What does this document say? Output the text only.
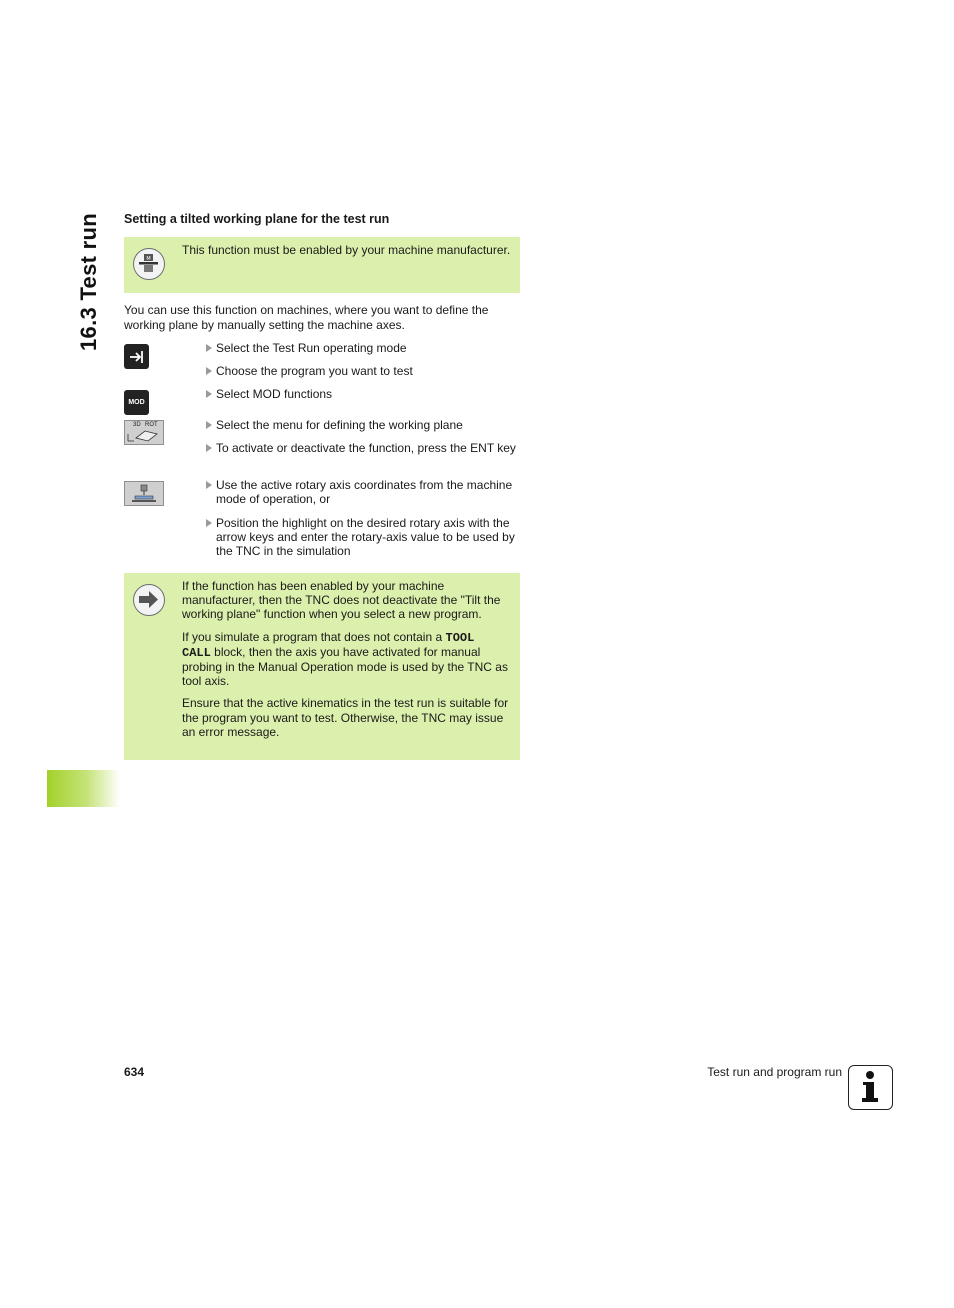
16.3 Test run Setting a tilted working plane for the test run
M
This function must be enabled by your machine manufacturer.
You can use this function on machines, where you want to define the working plane by manually setting the machine axes.
MOD
3D ROT
Select the Test Run operating mode
Choose the program you want to test
Select MOD functions
Select the menu for defining the working plane
To activate or deactivate the function, press the ENT key
Use the active rotary axis coordinates from the machine mode of operation, or
Position the highlight on the desired rotary axis with the arrow keys and enter the rotary-axis value to be used by the TNC in the simulation

If the function has been enabled by your machine manufacturer, then the TNC does not deactivate the "Tilt the working plane" function when you select a new program.

If you simulate a program that does not contain a TOOL
CALL block, then the axis you have activated for manual probing in the Manual Operation mode is used by the TNC as tool axis.

Ensure that the active kinematics in the test run is suitable for the program you want to test. Otherwise, the TNC may issue an error message.

634	Test run and program run
